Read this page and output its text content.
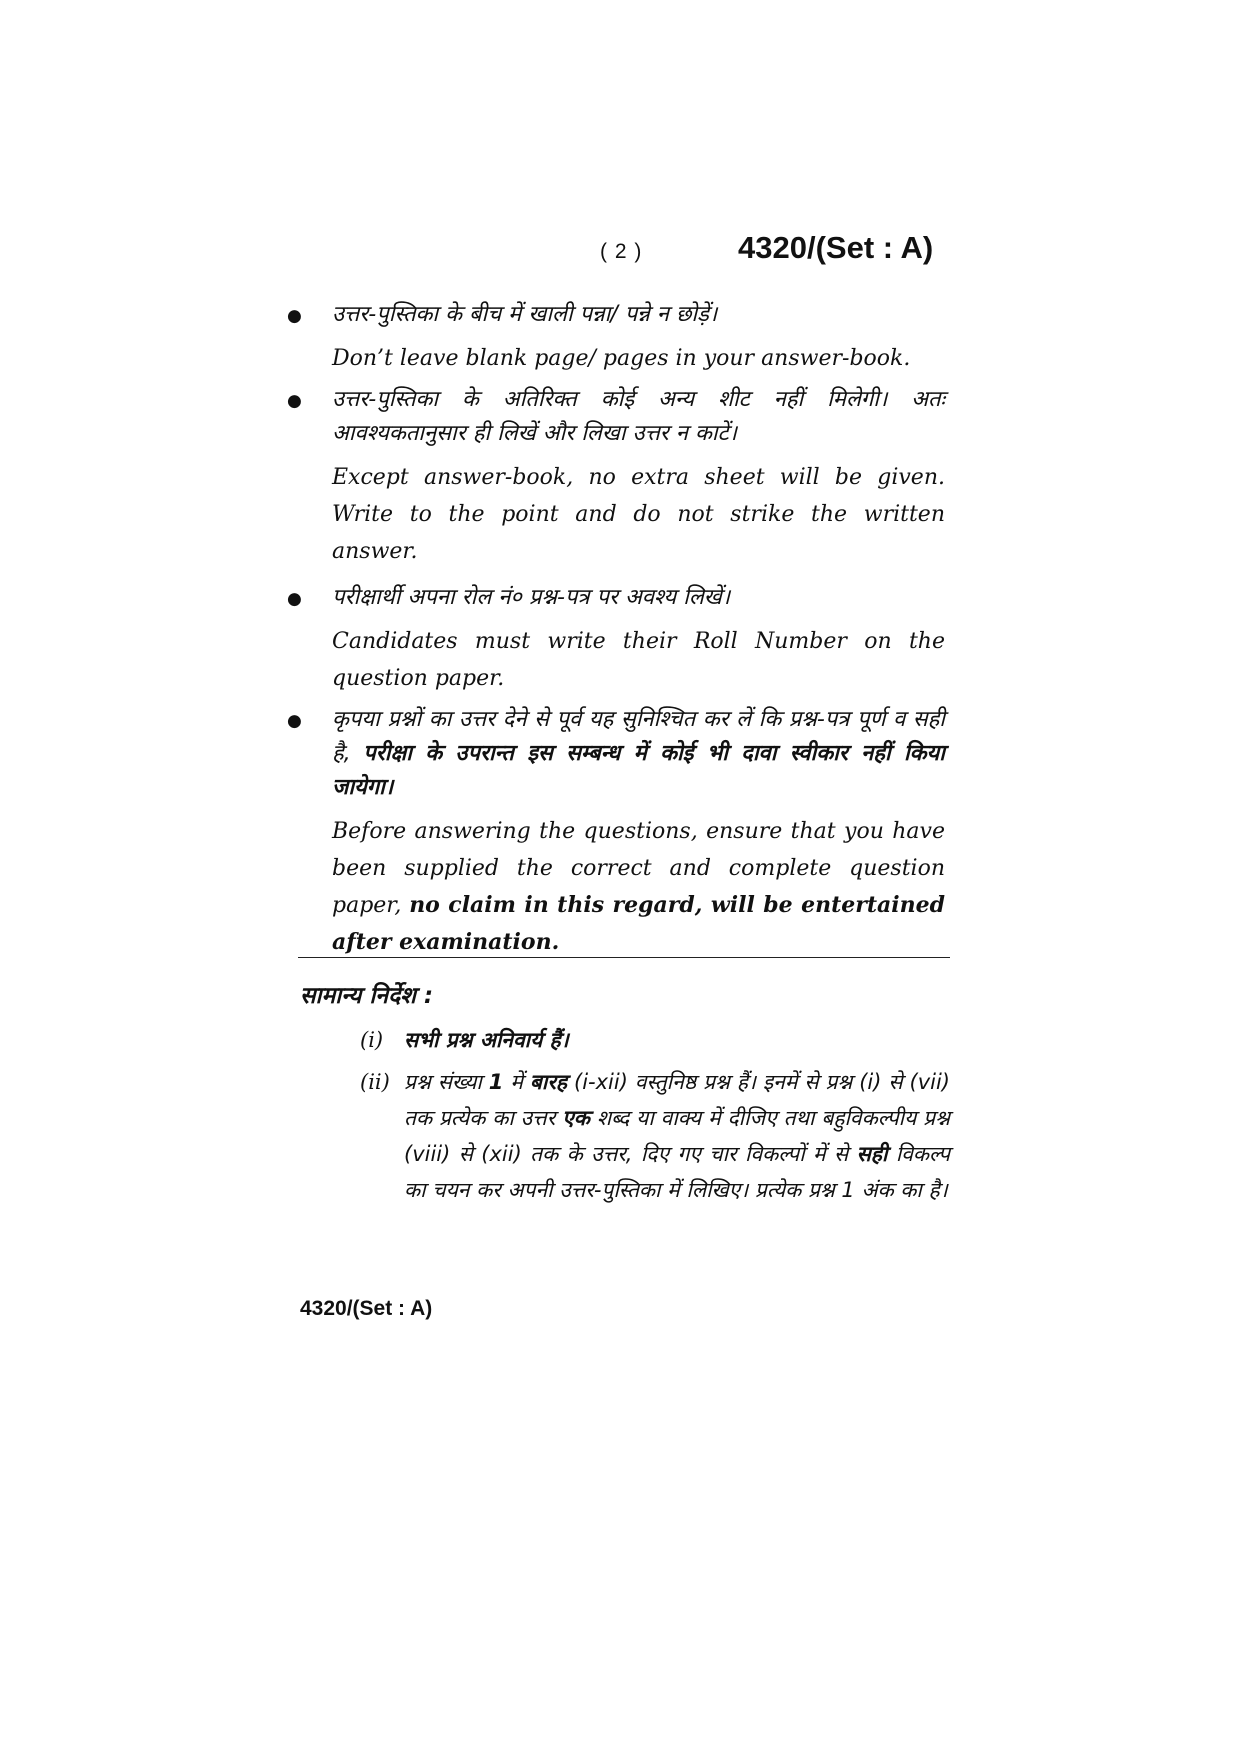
( 2 )	4320/(Set : A)
●	उत्तर-पुस्तिका के बीच में खाली पन्ना/ पन्ने न छोड़ें।

Don’t leave blank page/ pages in your answer-book.

●	उत्तर-पुस्तिका के अतिरिक्त कोई अन्य शीट नहीं मिलेगी। अतः आवश्यकतानुसार ही लिखें और लिखा उत्तर न काटें।

Except answer-book, no extra sheet will be given. Write to the point and do not strike the written answer.

●	परीक्षार्थी अपना रोल नं० प्रश्न-पत्र पर अवश्य लिखें।

Candidates must write their Roll Number on the question paper.

●	कृपया प्रश्नों का उत्तर देने से पूर्व यह सुनिश्चित कर लें कि प्रश्न-पत्र पूर्ण व सही है, परीक्षा के उपरान्त इस सम्बन्ध में कोई भी दावा स्वीकार नहीं किया जायेगा।

Before answering the questions, ensure that you have been supplied the correct and complete question paper, no claim in this regard, will be entertained after examination.

सामान्य निर्देश :
(i) सभी प्रश्न अनिवार्य हैं।

(ii) प्रश्न संख्या 1 में बारह (i-xii) वस्तुनिष्ठ प्रश्न हैं। इनमें से प्रश्न (i) से (vii) तक प्रत्येक का उत्तर एक शब्द या वाक्य में दीजिए तथा बहुविकल्पीय प्रश्न (viii) से (xii) तक के उत्तर, दिए गए चार विकल्पों में से सही विकल्प का चयन कर अपनी उत्तर-पुस्तिका में लिखिए। प्रत्येक प्रश्न 1 अंक का है।

4320/(Set : A)
